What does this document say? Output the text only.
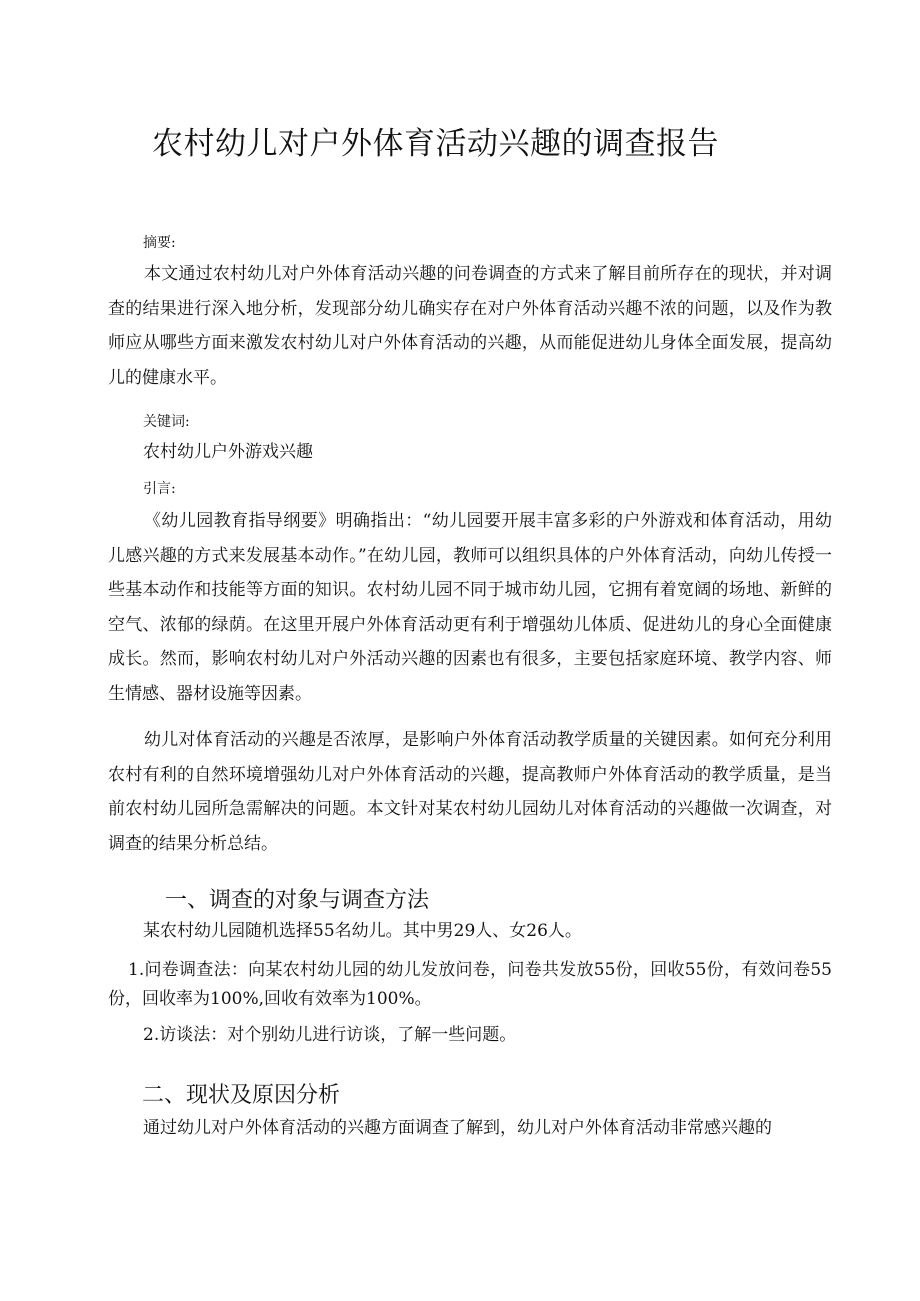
农村幼儿对户外体育活动兴趣的调查报告

摘要:

本文通过农村幼儿对户外体育活动兴趣的问卷调查的方式来了解目前所存在的现状，并对调查的结果进行深入地分析，发现部分幼儿确实存在对户外体育活动兴趣不浓的问题，以及作为教师应从哪些方面来激发农村幼儿对户外体育活动的兴趣，从而能促进幼儿身体全面发展，提高幼儿的健康水平。

关键词:

农村幼儿户外游戏兴趣

引言:

《幼儿园教育指导纲要》明确指出：“幼儿园要开展丰富多彩的户外游戏和体育活动，用幼儿感兴趣的方式来发展基本动作。”在幼儿园，教师可以组织具体的户外体育活动，向幼儿传授一些基本动作和技能等方面的知识。农村幼儿园不同于城市幼儿园，它拥有着宽阔的场地、新鲜的空气、浓郁的绿荫。在这里开展户外体育活动更有利于增强幼儿体质、促进幼儿的身心全面健康成长。然而，影响农村幼儿对户外活动兴趣的因素也有很多，主要包括家庭环境、教学内容、师生情感、器材设施等因素。

幼儿对体育活动的兴趣是否浓厚，是影响户外体育活动教学质量的关键因素。如何充分利用农村有利的自然环境增强幼儿对户外体育活动的兴趣，提高教师户外体育活动的教学质量，是当前农村幼儿园所急需解决的问题。本文针对某农村幼儿园幼儿对体育活动的兴趣做一次调查，对调查的结果分析总结。

一、调查的对象与调查方法

某农村幼儿园随机选择55名幼儿。其中男29人、女26人。

1.问卷调查法：向某农村幼儿园的幼儿发放问卷，问卷共发放55份，回收55份，有效问卷55份，回收率为100%,回收有效率为100%。

2.访谈法：对个别幼儿进行访谈，了解一些问题。

二、现状及原因分析

通过幼儿对户外体育活动的兴趣方面调查了解到，幼儿对户外体育活动非常感兴趣的
